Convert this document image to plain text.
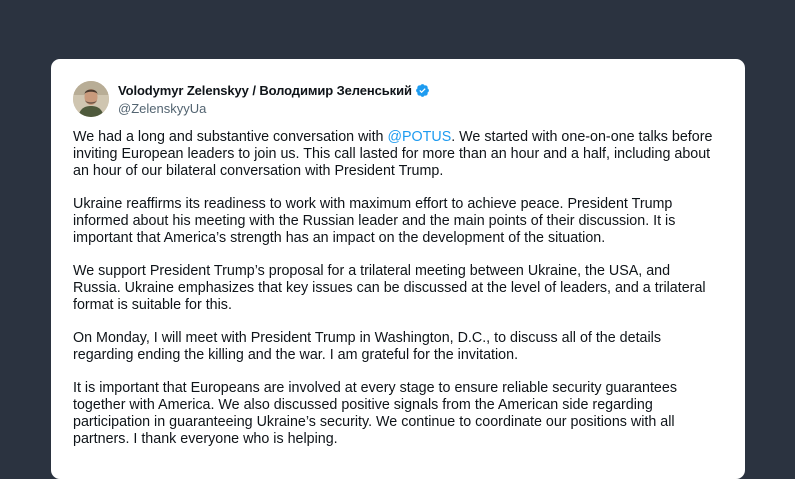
Volodymyr Zelenskyy / Володимир Зеленський
@ZelenskyyUa
We had a long and substantive conversation with @POTUS. We started with one-on-one talks before
inviting European leaders to join us. This call lasted for more than an hour and a half, including about
an hour of our bilateral conversation with President Trump.
Ukraine reaffirms its readiness to work with maximum effort to achieve peace. President Trump
informed about his meeting with the Russian leader and the main points of their discussion. It is
important that America’s strength has an impact on the development of the situation.
We support President Trump’s proposal for a trilateral meeting between Ukraine, the USA, and
Russia. Ukraine emphasizes that key issues can be discussed at the level of leaders, and a trilateral
format is suitable for this.
On Monday, I will meet with President Trump in Washington, D.C., to discuss all of the details
regarding ending the killing and the war. I am grateful for the invitation.
It is important that Europeans are involved at every stage to ensure reliable security guarantees
together with America. We also discussed positive signals from the American side regarding
participation in guaranteeing Ukraine’s security. We continue to coordinate our positions with all
partners. I thank everyone who is helping.
